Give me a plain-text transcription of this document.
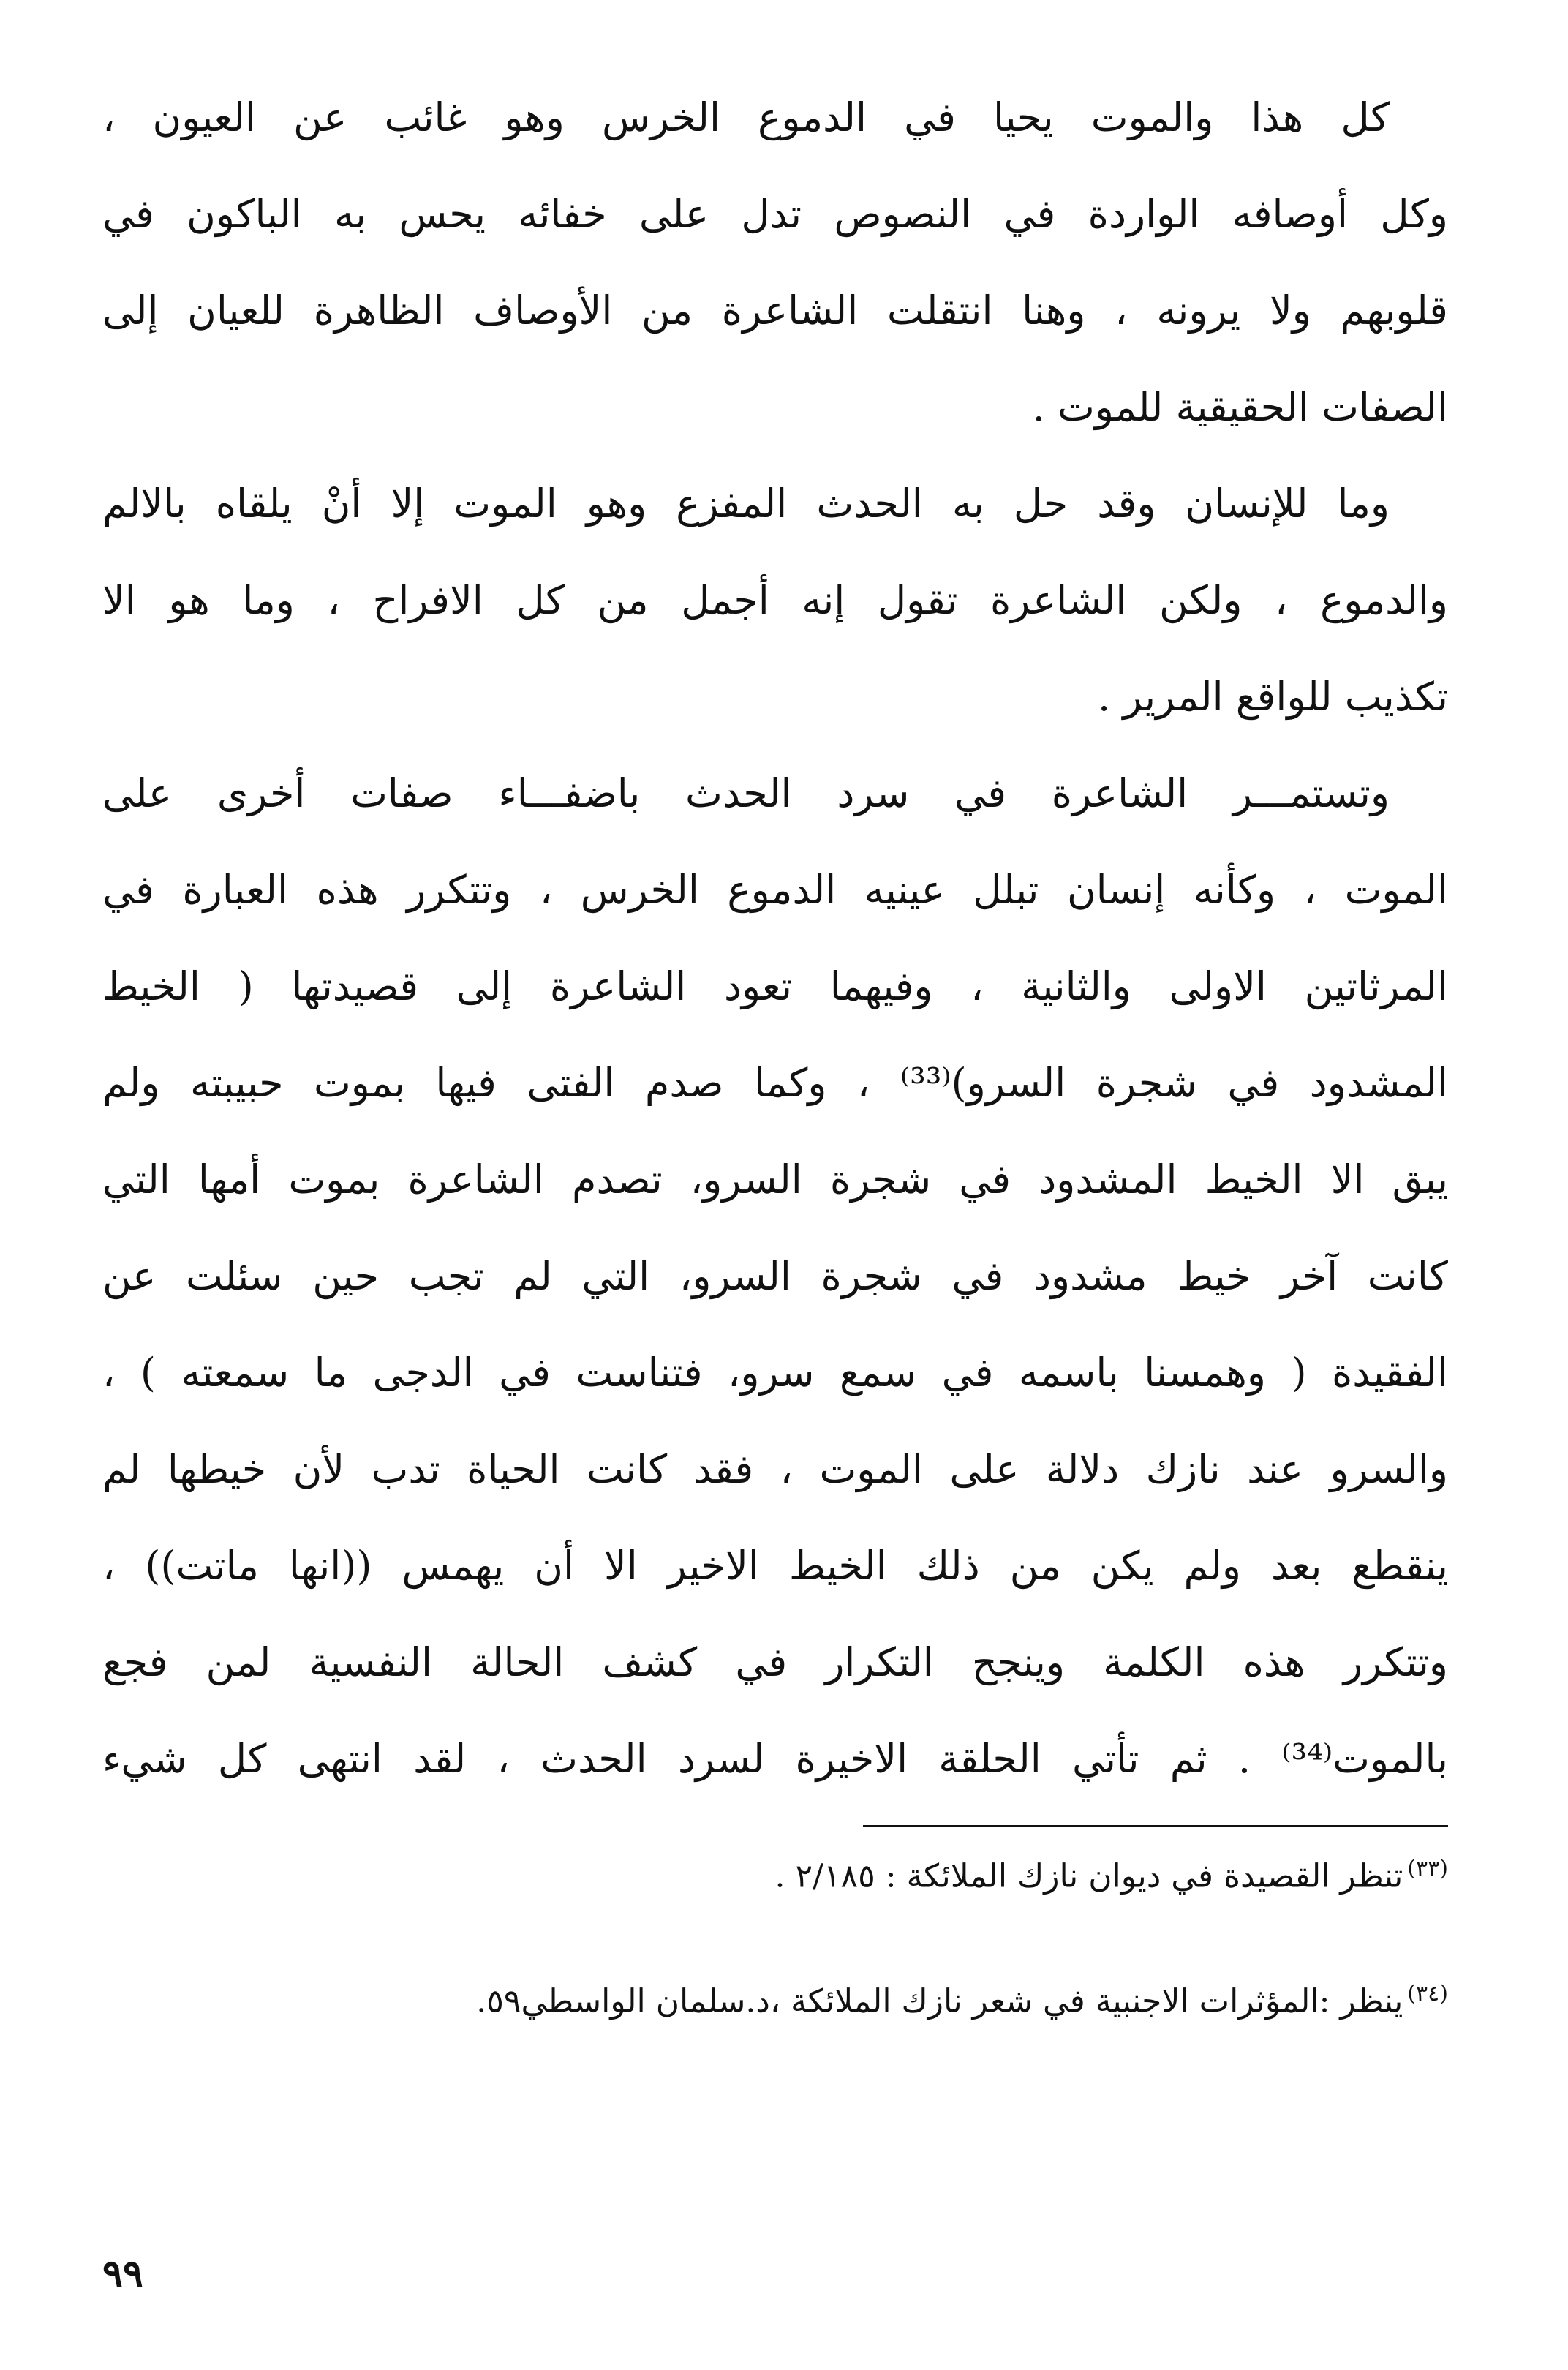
كل هذا والموت يحيا في الدموع الخرس وهو غائب عن العيون ،
وكل أوصافه الواردة في النصوص تدل على خفائه يحس به الباكون في
قلوبهم ولا يرونه ، وهنا انتقلت الشاعرة من الأوصاف الظاهرة للعيان إلى
الصفات الحقيقية للموت .
وما للإنسان وقد حل به الحدث المفزع وهو الموت إلا أنْ يلقاه بالالم
والدموع ، ولكن الشاعرة تقول إنه أجمل من كل الافراح ، وما هو الا
تكذيب للواقع المرير .
وتستمـــر الشاعرة في سرد الحدث باضفـــاء صفات أخرى على
الموت ، وكأنه إنسان تبلل عينيه الدموع الخرس ، وتتكرر هذه العبارة في
المرثاتين الاولى والثانية ، وفيهما تعود الشاعرة إلى قصيدتها ( الخيط
المشدود في شجرة السرو)⁽³³⁾ ، وكما صدم الفتى فيها بموت حبيبته ولم
يبق الا الخيط المشدود في شجرة السرو، تصدم الشاعرة بموت أمها التي
كانت آخر خيط مشدود في شجرة السرو، التي لم تجب حين سئلت عن
الفقيدة ( وهمسنا باسمه في سمع سرو، فتناست في الدجى ما سمعته ) ،
والسرو عند نازك دلالة على الموت ، فقد كانت الحياة تدب لأن خيطها لم
ينقطع بعد ولم يكن من ذلك الخيط الاخير الا أن يهمس ((انها ماتت)) ،
وتتكرر هذه الكلمة وينجح التكرار في كشف الحالة النفسية لمن فجع
بالموت⁽³⁴⁾ . ثم تأتي الحلقة الاخيرة لسرد الحدث ، لقد انتهى كل شيء
$^{(٣٣)}$تنظر القصيدة في ديوان نازك الملائكة : ٢/١٨٥ .
$^{(٣٤)}$ينظر :المؤثرات الاجنبية في شعر نازك الملائكة ،د.سلمان الواسطي٥٩.
٩٩
